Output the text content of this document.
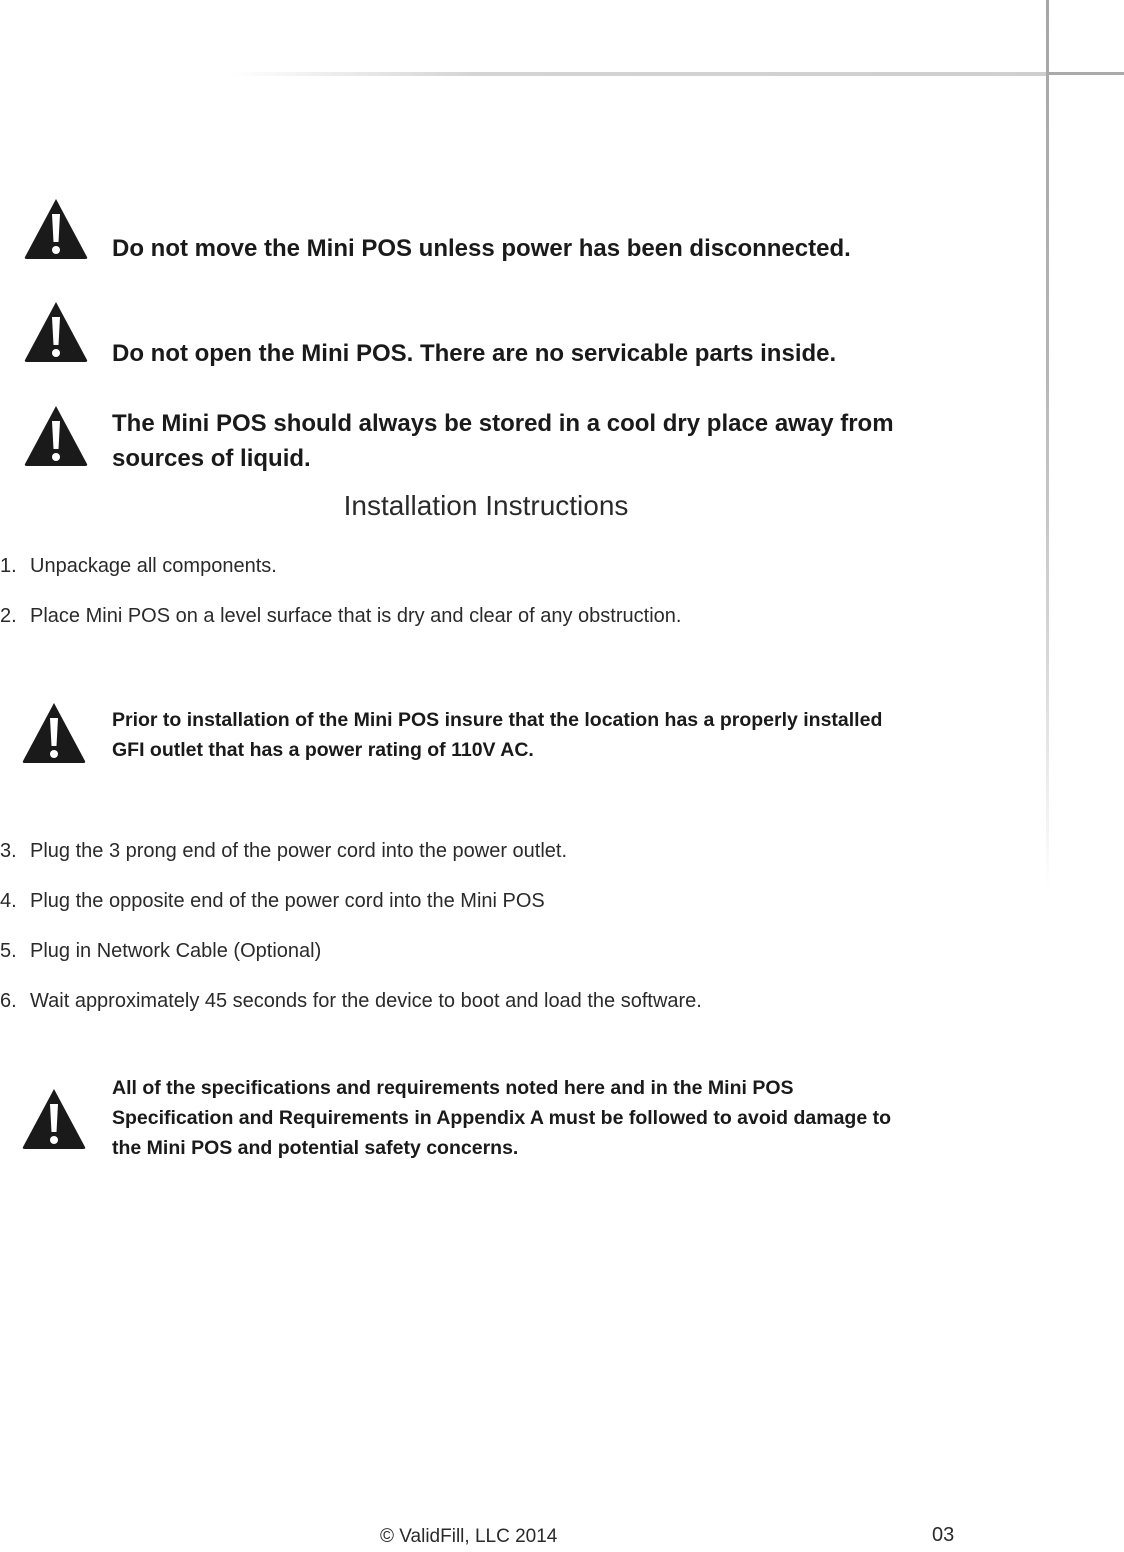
Do not move the Mini POS unless power has been disconnected.

Do not open the Mini POS. There are no servicable parts inside.

The Mini POS should always be stored in a cool dry place away from sources of liquid.

Installation Instructions

1. Unpackage all components.

2. Place Mini POS on a level surface that is dry and clear of any obstruction.

Prior to installation of the Mini POS insure that the location has a properly installed GFI outlet that has a power rating of 110V AC.

3. Plug the 3 prong end of the power cord into the power outlet.

4. Plug the opposite end of the power cord into the Mini POS

5. Plug in Network Cable (Optional)

6. Wait approximately 45 seconds for the device to boot and load the software.

All of the specifications and requirements noted here and in the Mini POS Specification and Requirements in Appendix A must be followed to avoid damage to the Mini POS and potential safety concerns.

© ValidFill, LLC 2014	03
